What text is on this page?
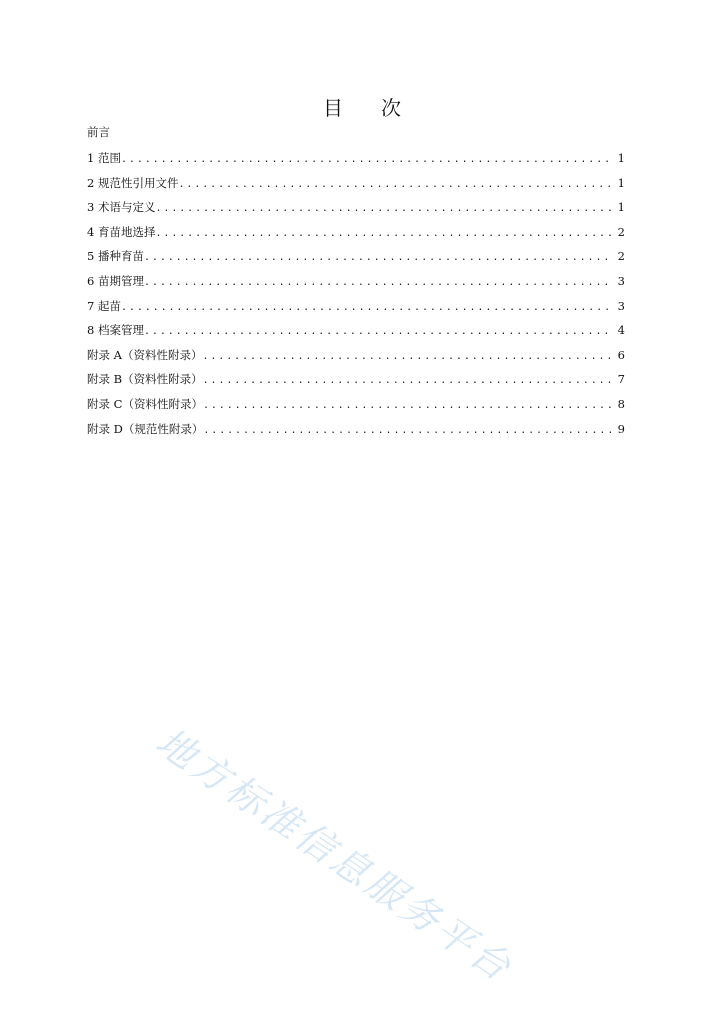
目 次
前言
1 范围 .....	1
2 规范性引用文件 .....	1
3 术语与定义 .....	1
4 育苗地选择 .....	2
5 播种育苗 .....	2
6 苗期管理 .....	3
7 起苗 .....	3
8 档案管理 .....	4
附录 A（资料性附录） .....	6
附录 B（资料性附录） .....	7
附录 C（资料性附录） .....	8
附录 D（规范性附录） .....	9
地方标准信息服务平台
